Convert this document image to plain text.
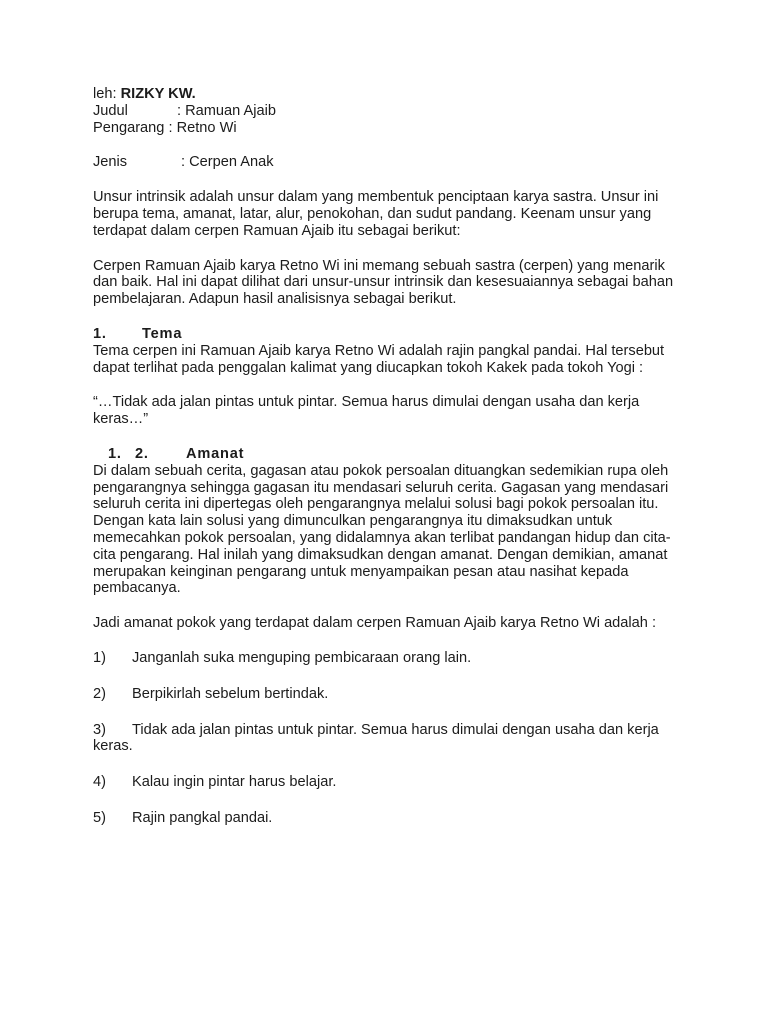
leh: RIZKY KW.
Judul	: Ramuan Ajaib
Pengarang : Retno Wi
Jenis	: Cerpen Anak

Unsur intrinsik adalah unsur dalam yang membentuk penciptaan karya sastra. Unsur ini berupa tema, amanat, latar, alur, penokohan, dan sudut pandang. Keenam unsur yang terdapat dalam cerpen Ramuan Ajaib itu sebagai berikut:

Cerpen Ramuan Ajaib karya Retno Wi ini memang sebuah sastra (cerpen) yang menarik dan baik. Hal ini dapat dilihat dari unsur-unsur intrinsik dan kesesuaiannya sebagai bahan pembelajaran. Adapun hasil analisisnya sebagai berikut.

1.	Tema

Tema cerpen ini Ramuan Ajaib karya Retno Wi adalah rajin pangkal pandai. Hal tersebut dapat terlihat pada penggalan kalimat yang diucapkan tokoh Kakek pada tokoh Yogi :

“…Tidak ada jalan pintas untuk pintar. Semua harus dimulai dengan usaha dan kerja keras…”

1. 2.	Amanat

Di dalam sebuah cerita, gagasan atau pokok persoalan dituangkan sedemikian rupa oleh pengarangnya sehingga gagasan itu mendasari seluruh cerita. Gagasan yang mendasari seluruh cerita ini dipertegas oleh pengarangnya melalui solusi bagi pokok persoalan itu. Dengan kata lain solusi yang dimunculkan pengarangnya itu dimaksudkan untuk memecahkan pokok persoalan, yang didalamnya akan terlibat pandangan hidup dan cita-cita pengarang. Hal inilah yang dimaksudkan dengan amanat. Dengan demikian, amanat merupakan keinginan pengarang untuk menyampaikan pesan atau nasihat kepada pembacanya.

Jadi amanat pokok yang terdapat dalam cerpen Ramuan Ajaib karya Retno Wi adalah :

1)	Janganlah suka menguping pembicaraan orang lain.
2)	Berpikirlah sebelum bertindak.

3) Tidak ada jalan pintas untuk pintar. Semua harus dimulai dengan usaha dan kerja keras.

4)	Kalau ingin pintar harus belajar.
5)	Rajin pangkal pandai.
